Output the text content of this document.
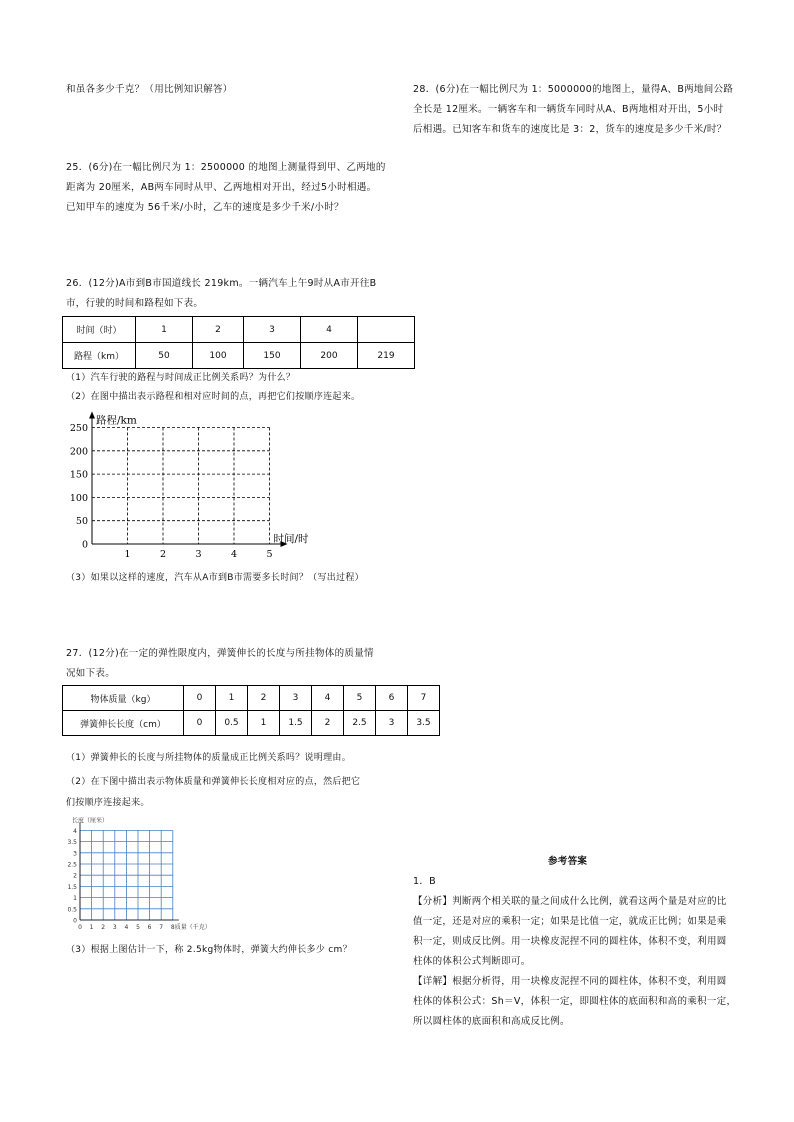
和虽各多少千克？（用比例知识解答）
25．(6分)在一幅比例尺为 1：2500000 的地图上测量得到甲、乙两地的
距离为 20厘米，AB两车同时从甲、乙两地相对开出，经过5小时相遇。
已知甲车的速度为 56千米/小时，乙车的速度是多少千米/小时？
26．(12分)A市到B市国道线长 219km。一辆汽车上午9时从A市开往B
市，行驶的时间和路程如下表。
时间（时）	1	2	3	4	
路程（km）	50	100	150	200	219
（1）汽车行驶的路程与时间成正比例关系吗？为什么？
（2）在图中描出表示路程和相对应时间的点，再把它们按顺序连起来。
0
50
100
150
200
250
1	2	3	4	5
路程/km
时间/时
（3）如果以这样的速度，汽车从A市到B市需要多长时间？（写出过程）
27．(12分)在一定的弹性限度内，弹簧伸长的长度与所挂物体的质量情
况如下表。
物体质量（kg）	0	1	2	3	4	5	6	7
弹簧伸长长度（cm）	0	0.5	1	1.5	2	2.5	3	3.5
（1）弹簧伸长的长度与所挂物体的质量成正比例关系吗？说明理由。
（2）在下图中描出表示物体质量和弹簧伸长长度相对应的点，然后把它
们按顺序连接起来。
0
0.5
1
1.5
2
2.5
3
3.5
4
0 1 2 3 4 5 6 7 8
长度（厘米）
质量（千克）
（3）根据上图估计一下，称 2.5kg物体时，弹簧大约伸长多少 cm？
28．(6分)在一幅比例尺为 1：5000000的地图上，量得A、B两地间公路
全长是 12厘米。一辆客车和一辆货车同时从A、B两地相对开出，5小时
后相遇。已知客车和货车的速度比是 3：2，货车的速度是多少千米/时？
参考答案
1．B
【分析】判断两个相关联的量之间成什么比例，就看这两个量是对应的比
值一定，还是对应的乘积一定；如果是比值一定，就成正比例；如果是乘
积一定，则成反比例。用一块橡皮泥捏不同的圆柱体，体积不变，利用圆
柱体的体积公式判断即可。
【详解】根据分析得，用一块橡皮泥捏不同的圆柱体，体积不变，利用圆
柱体的体积公式：Sh＝V，体积一定，即圆柱体的底面积和高的乘积一定，
所以圆柱体的底面积和高成反比例。
